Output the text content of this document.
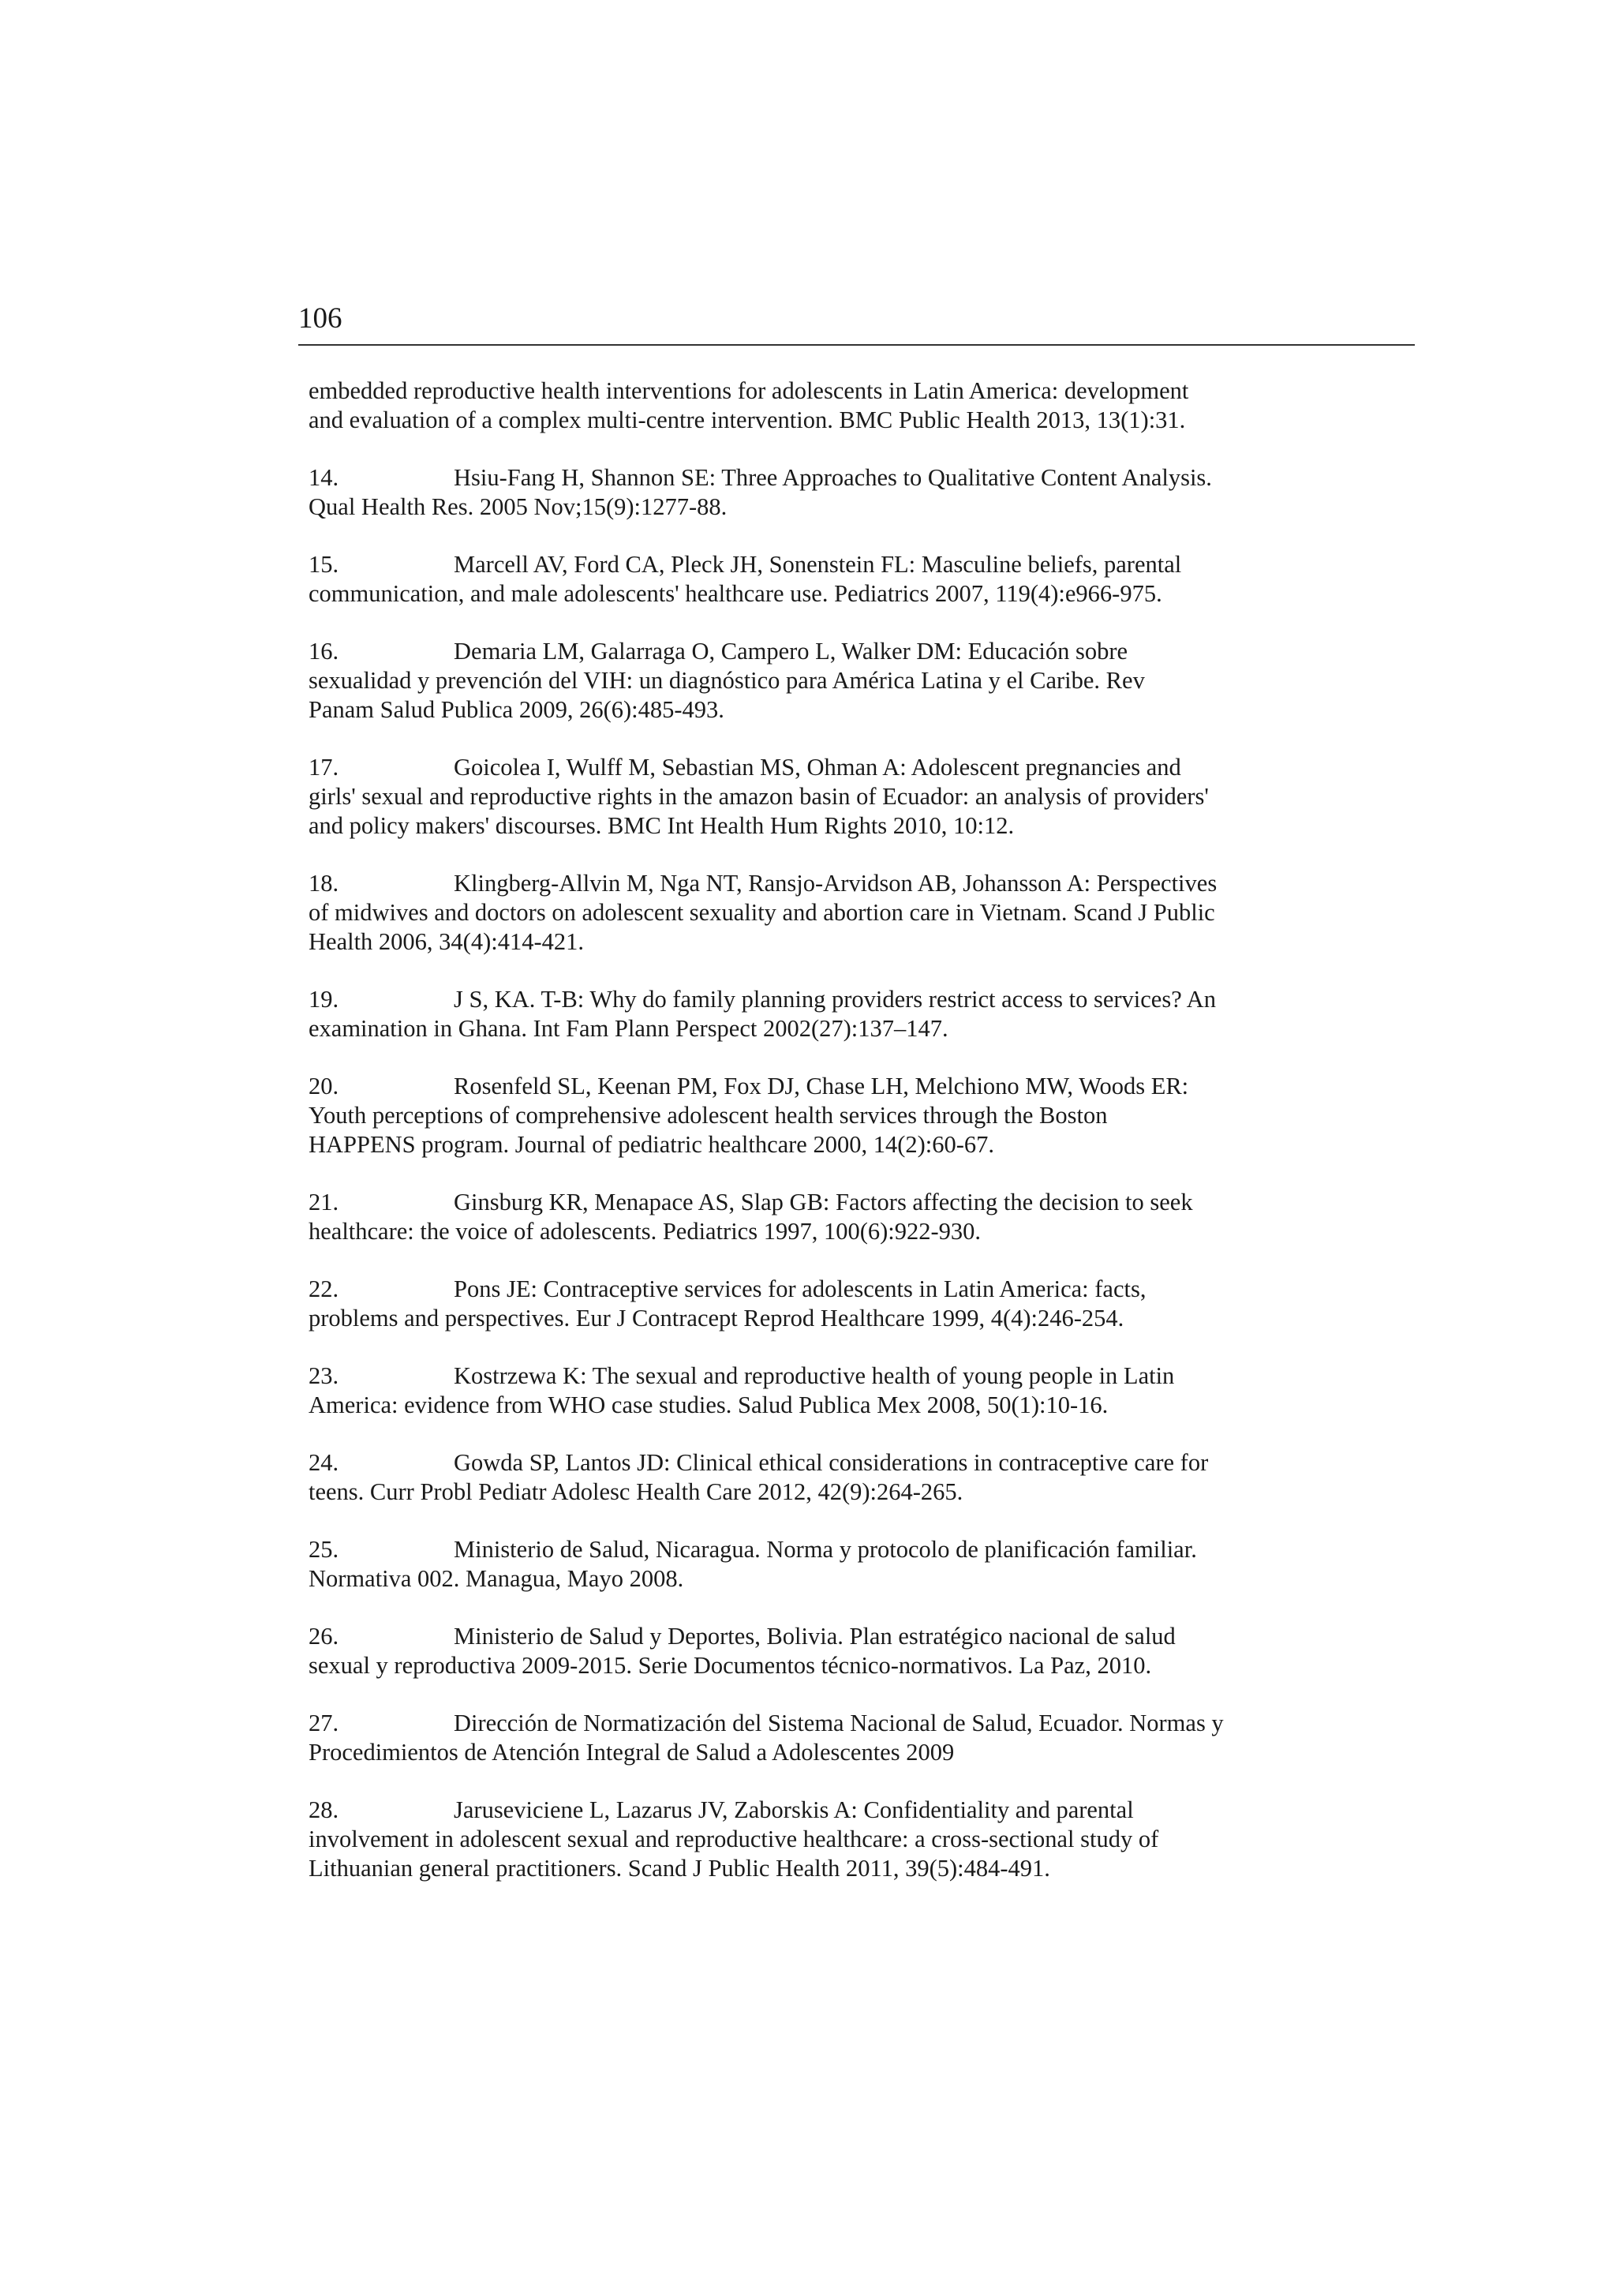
106
embedded reproductive health interventions for adolescents in Latin America: development
and evaluation of a complex multi-centre intervention. BMC Public Health 2013, 13(1):31.
14.	Hsiu-Fang H, Shannon SE: Three Approaches to Qualitative Content Analysis.
Qual Health Res. 2005 Nov;15(9):1277-88.
15.	Marcell AV, Ford CA, Pleck JH, Sonenstein FL: Masculine beliefs, parental
communication, and male adolescents' healthcare use. Pediatrics 2007, 119(4):e966-975.
16.	Demaria LM, Galarraga O, Campero L, Walker DM: Educación sobre
sexualidad y prevención del VIH: un diagnóstico para América Latina y el Caribe. Rev
Panam Salud Publica 2009, 26(6):485-493.
17.	Goicolea I, Wulff M, Sebastian MS, Ohman A: Adolescent pregnancies and
girls' sexual and reproductive rights in the amazon basin of Ecuador: an analysis of providers'
and policy makers' discourses. BMC Int Health Hum Rights 2010, 10:12.
18.	Klingberg-Allvin M, Nga NT, Ransjo-Arvidson AB, Johansson A: Perspectives
of midwives and doctors on adolescent sexuality and abortion care in Vietnam. Scand J Public
Health 2006, 34(4):414-421.
19.	J S, KA. T-B: Why do family planning providers restrict access to services? An
examination in Ghana. Int Fam Plann Perspect 2002(27):137–147.
20.	Rosenfeld SL, Keenan PM, Fox DJ, Chase LH, Melchiono MW, Woods ER:
Youth perceptions of comprehensive adolescent health services through the Boston
HAPPENS program. Journal of pediatric healthcare 2000, 14(2):60-67.
21.	Ginsburg KR, Menapace AS, Slap GB: Factors affecting the decision to seek
healthcare: the voice of adolescents. Pediatrics 1997, 100(6):922-930.
22.	Pons JE: Contraceptive services for adolescents in Latin America: facts,
problems and perspectives. Eur J Contracept Reprod Healthcare 1999, 4(4):246-254.
23.	Kostrzewa K: The sexual and reproductive health of young people in Latin
America: evidence from WHO case studies. Salud Publica Mex 2008, 50(1):10-16.
24.	Gowda SP, Lantos JD: Clinical ethical considerations in contraceptive care for
teens. Curr Probl Pediatr Adolesc Health Care 2012, 42(9):264-265.
25.	Ministerio de Salud, Nicaragua. Norma y protocolo de planificación familiar.
Normativa 002. Managua, Mayo 2008.
26.	Ministerio de Salud y Deportes, Bolivia. Plan estratégico nacional de salud
sexual y reproductiva 2009-2015. Serie Documentos técnico-normativos. La Paz, 2010.
27.	Dirección de Normatización del Sistema Nacional de Salud, Ecuador. Normas y
Procedimientos de Atención Integral de Salud a Adolescentes 2009
28.	Jaruseviciene L, Lazarus JV, Zaborskis A: Confidentiality and parental
involvement in adolescent sexual and reproductive healthcare: a cross-sectional study of
Lithuanian general practitioners. Scand J Public Health 2011, 39(5):484-491.
